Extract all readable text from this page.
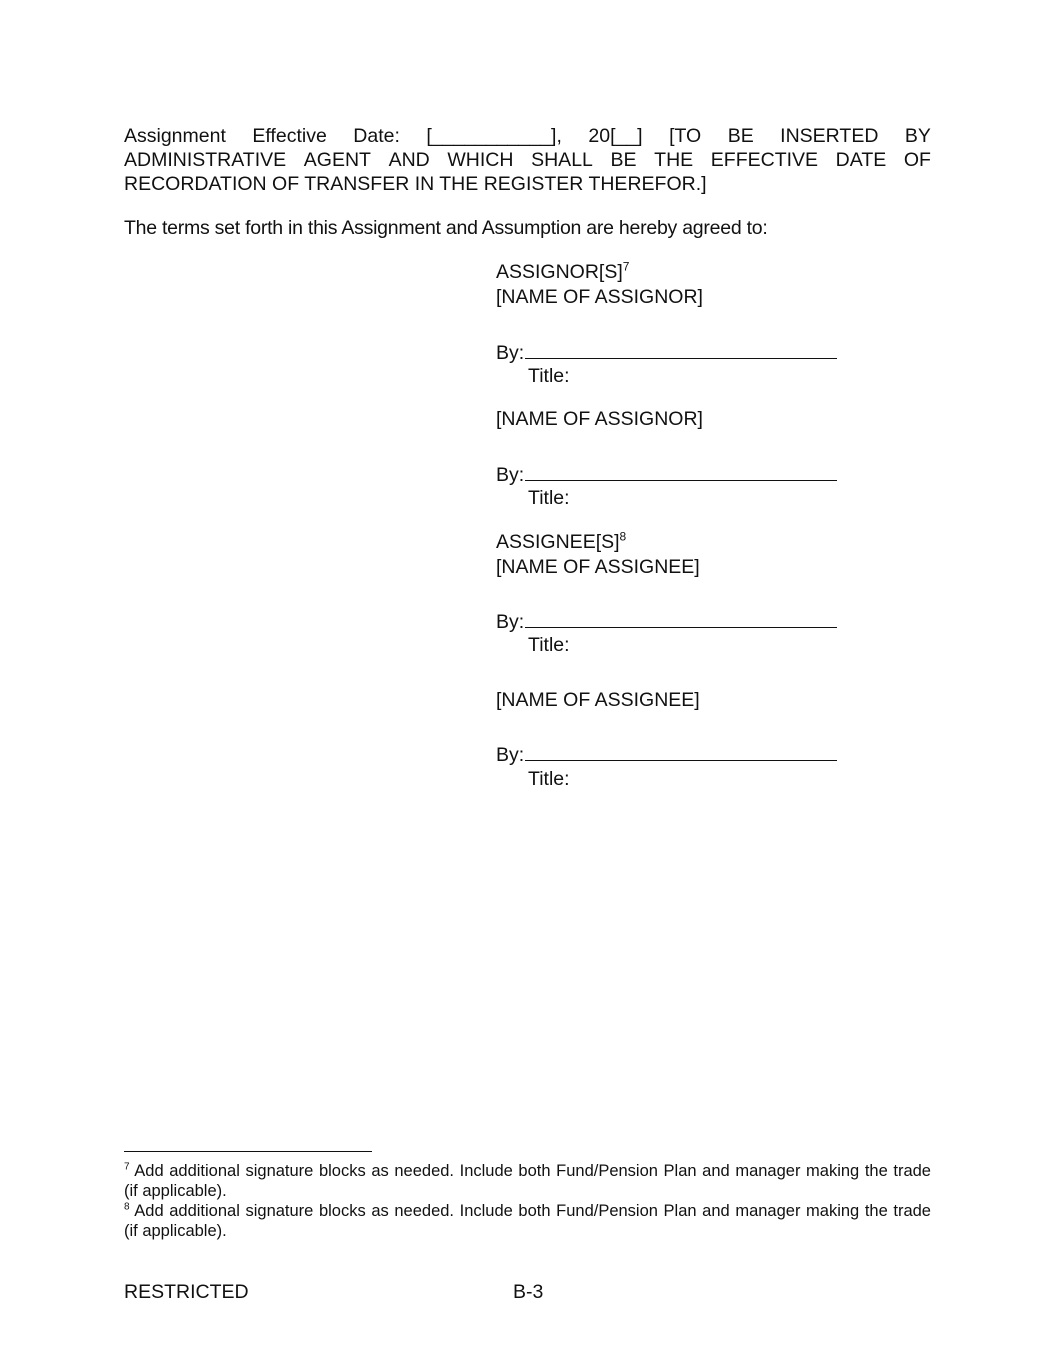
Assignment Effective Date: [___________], 20[__] [TO BE INSERTED BY
ADMINISTRATIVE AGENT AND WHICH SHALL BE THE EFFECTIVE DATE OF
RECORDATION OF TRANSFER IN THE REGISTER THEREFOR.]
The terms set forth in this Assignment and Assumption are hereby agreed to:
$ASSIGNOR[S]^7$
[NAME OF ASSIGNOR]
By:
Title:
[NAME OF ASSIGNOR]
By:
Title:
$ASSIGNEE[S]^8$
[NAME OF ASSIGNEE]
By:
Title:
[NAME OF ASSIGNEE]
By:
Title:
$^7$ Add additional signature blocks as needed. Include both Fund/Pension Plan and manager making the trade (if applicable).
$^8$ Add additional signature blocks as needed. Include both Fund/Pension Plan and manager making the trade (if applicable).
RESTRICTED	B-3
